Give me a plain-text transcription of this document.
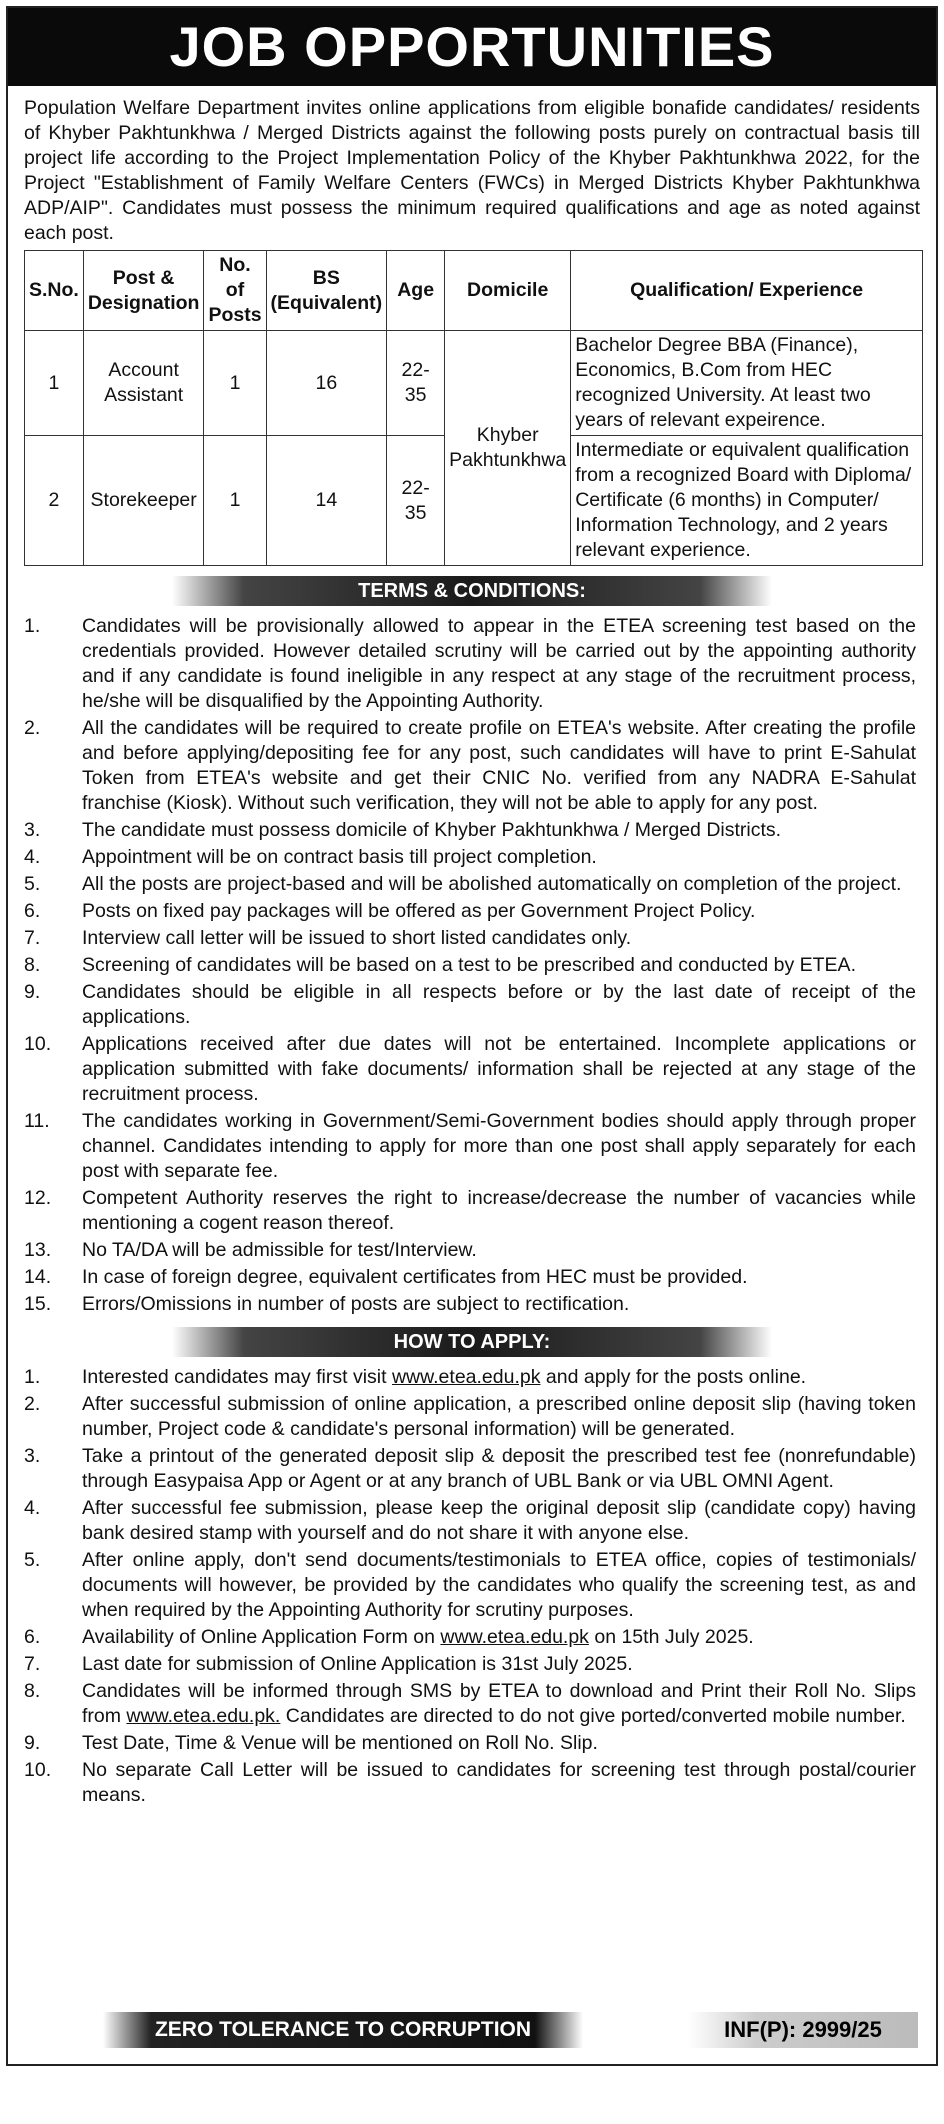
JOB OPPORTUNITIES
Population Welfare Department invites online applications from eligible bonafide candidates/ residents of Khyber Pakhtunkhwa / Merged Districts against the following posts purely on contractual basis till project life according to the Project Implementation Policy of the Khyber Pakhtunkhwa 2022, for the Project "Establishment of Family Welfare Centers (FWCs) in Merged Districts Khyber Pakhtunkhwa ADP/AIP". Candidates must possess the minimum required qualifications and age as noted against each post.
S.No.	Post & Designation	No. of Posts	BS (Equivalent)	Age	Domicile	Qualification/ Experience
1	Account Assistant	1	16	22-35	Khyber Pakhtunkhwa	Bachelor Degree BBA (Finance), Economics, B.Com from HEC recognized University. At least two years of relevant expeirence.
2	Storekeeper	1	14	22-35		Intermediate or equivalent qualification from a recognized Board with Diploma/ Certificate (6 months) in Computer/ Information Technology, and 2 years relevant experience.
TERMS & CONDITIONS:
1.	Candidates will be provisionally allowed to appear in the ETEA screening test based on the credentials provided. However detailed scrutiny will be carried out by the appointing authority and if any candidate is found ineligible in any respect at any stage of the recruitment process, he/she will be disqualified by the Appointing Authority.
2.	All the candidates will be required to create profile on ETEA's website. After creating the profile and before applying/depositing fee for any post, such candidates will have to print E-Sahulat Token from ETEA's website and get their CNIC No. verified from any NADRA E-Sahulat franchise (Kiosk). Without such verification, they will not be able to apply for any post.
3.	The candidate must possess domicile of Khyber Pakhtunkhwa / Merged Districts.
4.	Appointment will be on contract basis till project completion.
5.	All the posts are project-based and will be abolished automatically on completion of the project.
6.	Posts on fixed pay packages will be offered as per Government Project Policy.
7.	Interview call letter will be issued to short listed candidates only.
8.	Screening of candidates will be based on a test to be prescribed and conducted by ETEA.
9.	Candidates should be eligible in all respects before or by the last date of receipt of the applications.
10.	Applications received after due dates will not be entertained. Incomplete applications or application submitted with fake documents/ information shall be rejected at any stage of the recruitment process.
11.	The candidates working in Government/Semi-Government bodies should apply through proper channel. Candidates intending to apply for more than one post shall apply separately for each post with separate fee.
12.	Competent Authority reserves the right to increase/decrease the number of vacancies while mentioning a cogent reason thereof.
13.	No TA/DA will be admissible for test/Interview.
14.	In case of foreign degree, equivalent certificates from HEC must be provided.
15.	Errors/Omissions in number of posts are subject to rectification.
HOW TO APPLY:
1.	Interested candidates may first visit www.etea.edu.pk and apply for the posts online.
2.	After successful submission of online application, a prescribed online deposit slip (having token number, Project code & candidate's personal information) will be generated.
3.	Take a printout of the generated deposit slip & deposit the prescribed test fee (nonrefundable) through Easypaisa App or Agent or at any branch of UBL Bank or via UBL OMNI Agent.
4.	After successful fee submission, please keep the original deposit slip (candidate copy) having bank desired stamp with yourself and do not share it with anyone else.
5.	After online apply, don't send documents/testimonials to ETEA office, copies of testimonials/ documents will however, be provided by the candidates who qualify the screening test, as and when required by the Appointing Authority for scrutiny purposes.
6.	Availability of Online Application Form on www.etea.edu.pk on 15th July 2025.
7.	Last date for submission of Online Application is 31st July 2025.
8.	Candidates will be informed through SMS by ETEA to download and Print their Roll No. Slips from www.etea.edu.pk. Candidates are directed to do not give ported/converted mobile number.
9.	Test Date, Time & Venue will be mentioned on Roll No. Slip.
10.	No separate Call Letter will be issued to candidates for screening test through postal/courier means.
ZERO TOLERANCE TO CORRUPTION	INF(P): 2999/25
